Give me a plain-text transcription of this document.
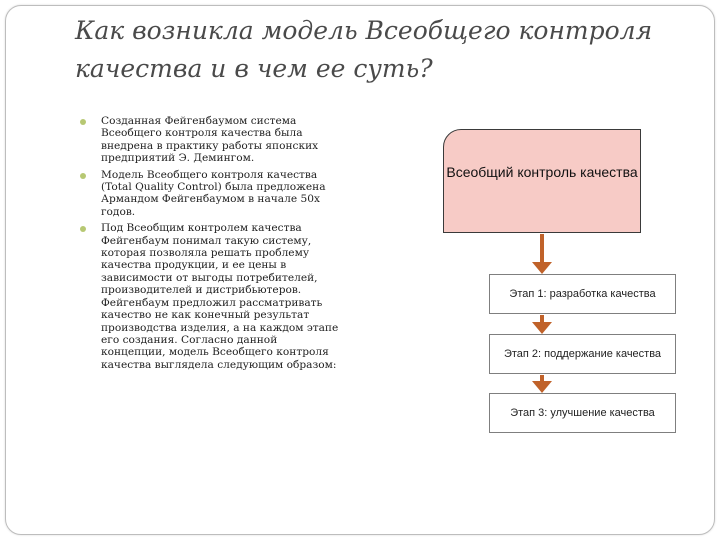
Как возникла модель Всеобщего контроля качества и в чем ее суть?
Созданная Фейгенбаумом система Всеобщего контроля качества была внедрена в практику работы японских предприятий Э. Демингом.
Модель Всеобщего контроля качества (Total Quality Control) была предложена Армандом Фейгенбаумом в начале 50х годов.
Под Всеобщим контролем качества Фейгенбаум понимал такую систему, которая позволяла решать проблему качества продукции, и ее цены в зависимости от выгоды потребителей, производителей и дистрибьютеров. Фейгенбаум предложил рассматривать качество не как конечный результат производства изделия, а на каждом этапе его создания. Согласно данной концепции, модель Всеобщего контроля качества выглядела следующим образом:
Всеобщий контроль качества
Этап 1: разработка качества
Этап 2: поддержание качества
Этап 3: улучшение качества
